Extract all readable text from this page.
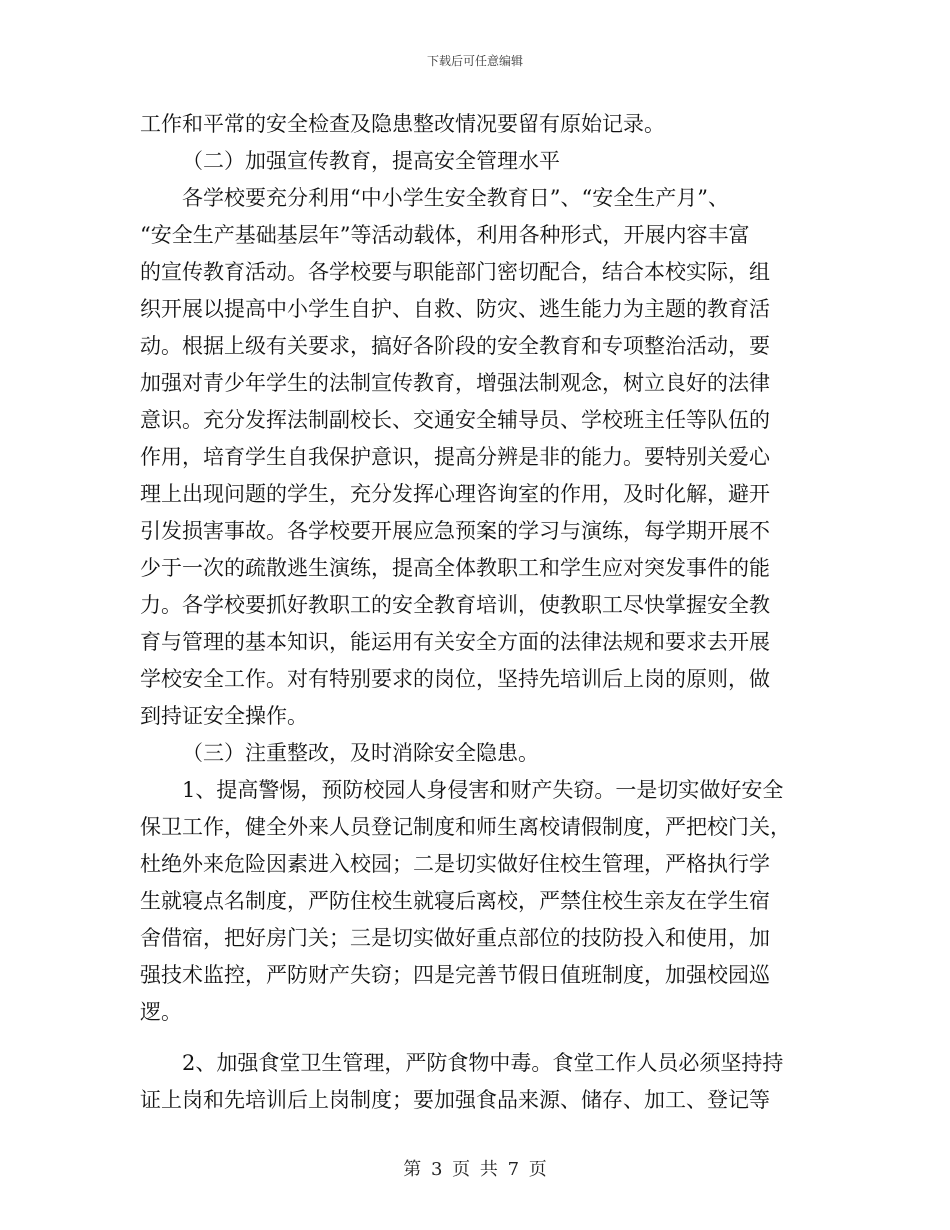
下载后可任意编辑
工作和平常的安全检查及隐患整改情况要留有原始记录。
（二）加强宣传教育，提高安全管理水平
各学校要充分利用“中小学生安全教育日”、“安全生产月”、
“安全生产基础基层年”等活动载体，利用各种形式，开展内容丰富
的宣传教育活动。各学校要与职能部门密切配合，结合本校实际，组
织开展以提高中小学生自护、自救、防灾、逃生能力为主题的教育活
动。根据上级有关要求，搞好各阶段的安全教育和专项整治活动，要
加强对青少年学生的法制宣传教育，增强法制观念，树立良好的法律
意识。充分发挥法制副校长、交通安全辅导员、学校班主任等队伍的
作用，培育学生自我保护意识，提高分辨是非的能力。要特别关爱心
理上出现问题的学生，充分发挥心理咨询室的作用，及时化解，避开
引发损害事故。各学校要开展应急预案的学习与演练，每学期开展不
少于一次的疏散逃生演练，提高全体教职工和学生应对突发事件的能
力。各学校要抓好教职工的安全教育培训，使教职工尽快掌握安全教
育与管理的基本知识，能运用有关安全方面的法律法规和要求去开展
学校安全工作。对有特别要求的岗位，坚持先培训后上岗的原则，做
到持证安全操作。
（三）注重整改，及时消除安全隐患。
1、提高警惕，预防校园人身侵害和财产失窃。一是切实做好安全
保卫工作，健全外来人员登记制度和师生离校请假制度，严把校门关，
杜绝外来危险因素进入校园；二是切实做好住校生管理，严格执行学
生就寝点名制度，严防住校生就寝后离校，严禁住校生亲友在学生宿
舍借宿，把好房门关；三是切实做好重点部位的技防投入和使用，加
强技术监控，严防财产失窃；四是完善节假日值班制度，加强校园巡
逻。
2、加强食堂卫生管理，严防食物中毒。食堂工作人员必须坚持持
证上岗和先培训后上岗制度；要加强食品来源、储存、加工、登记等
第 3 页 共 7 页
